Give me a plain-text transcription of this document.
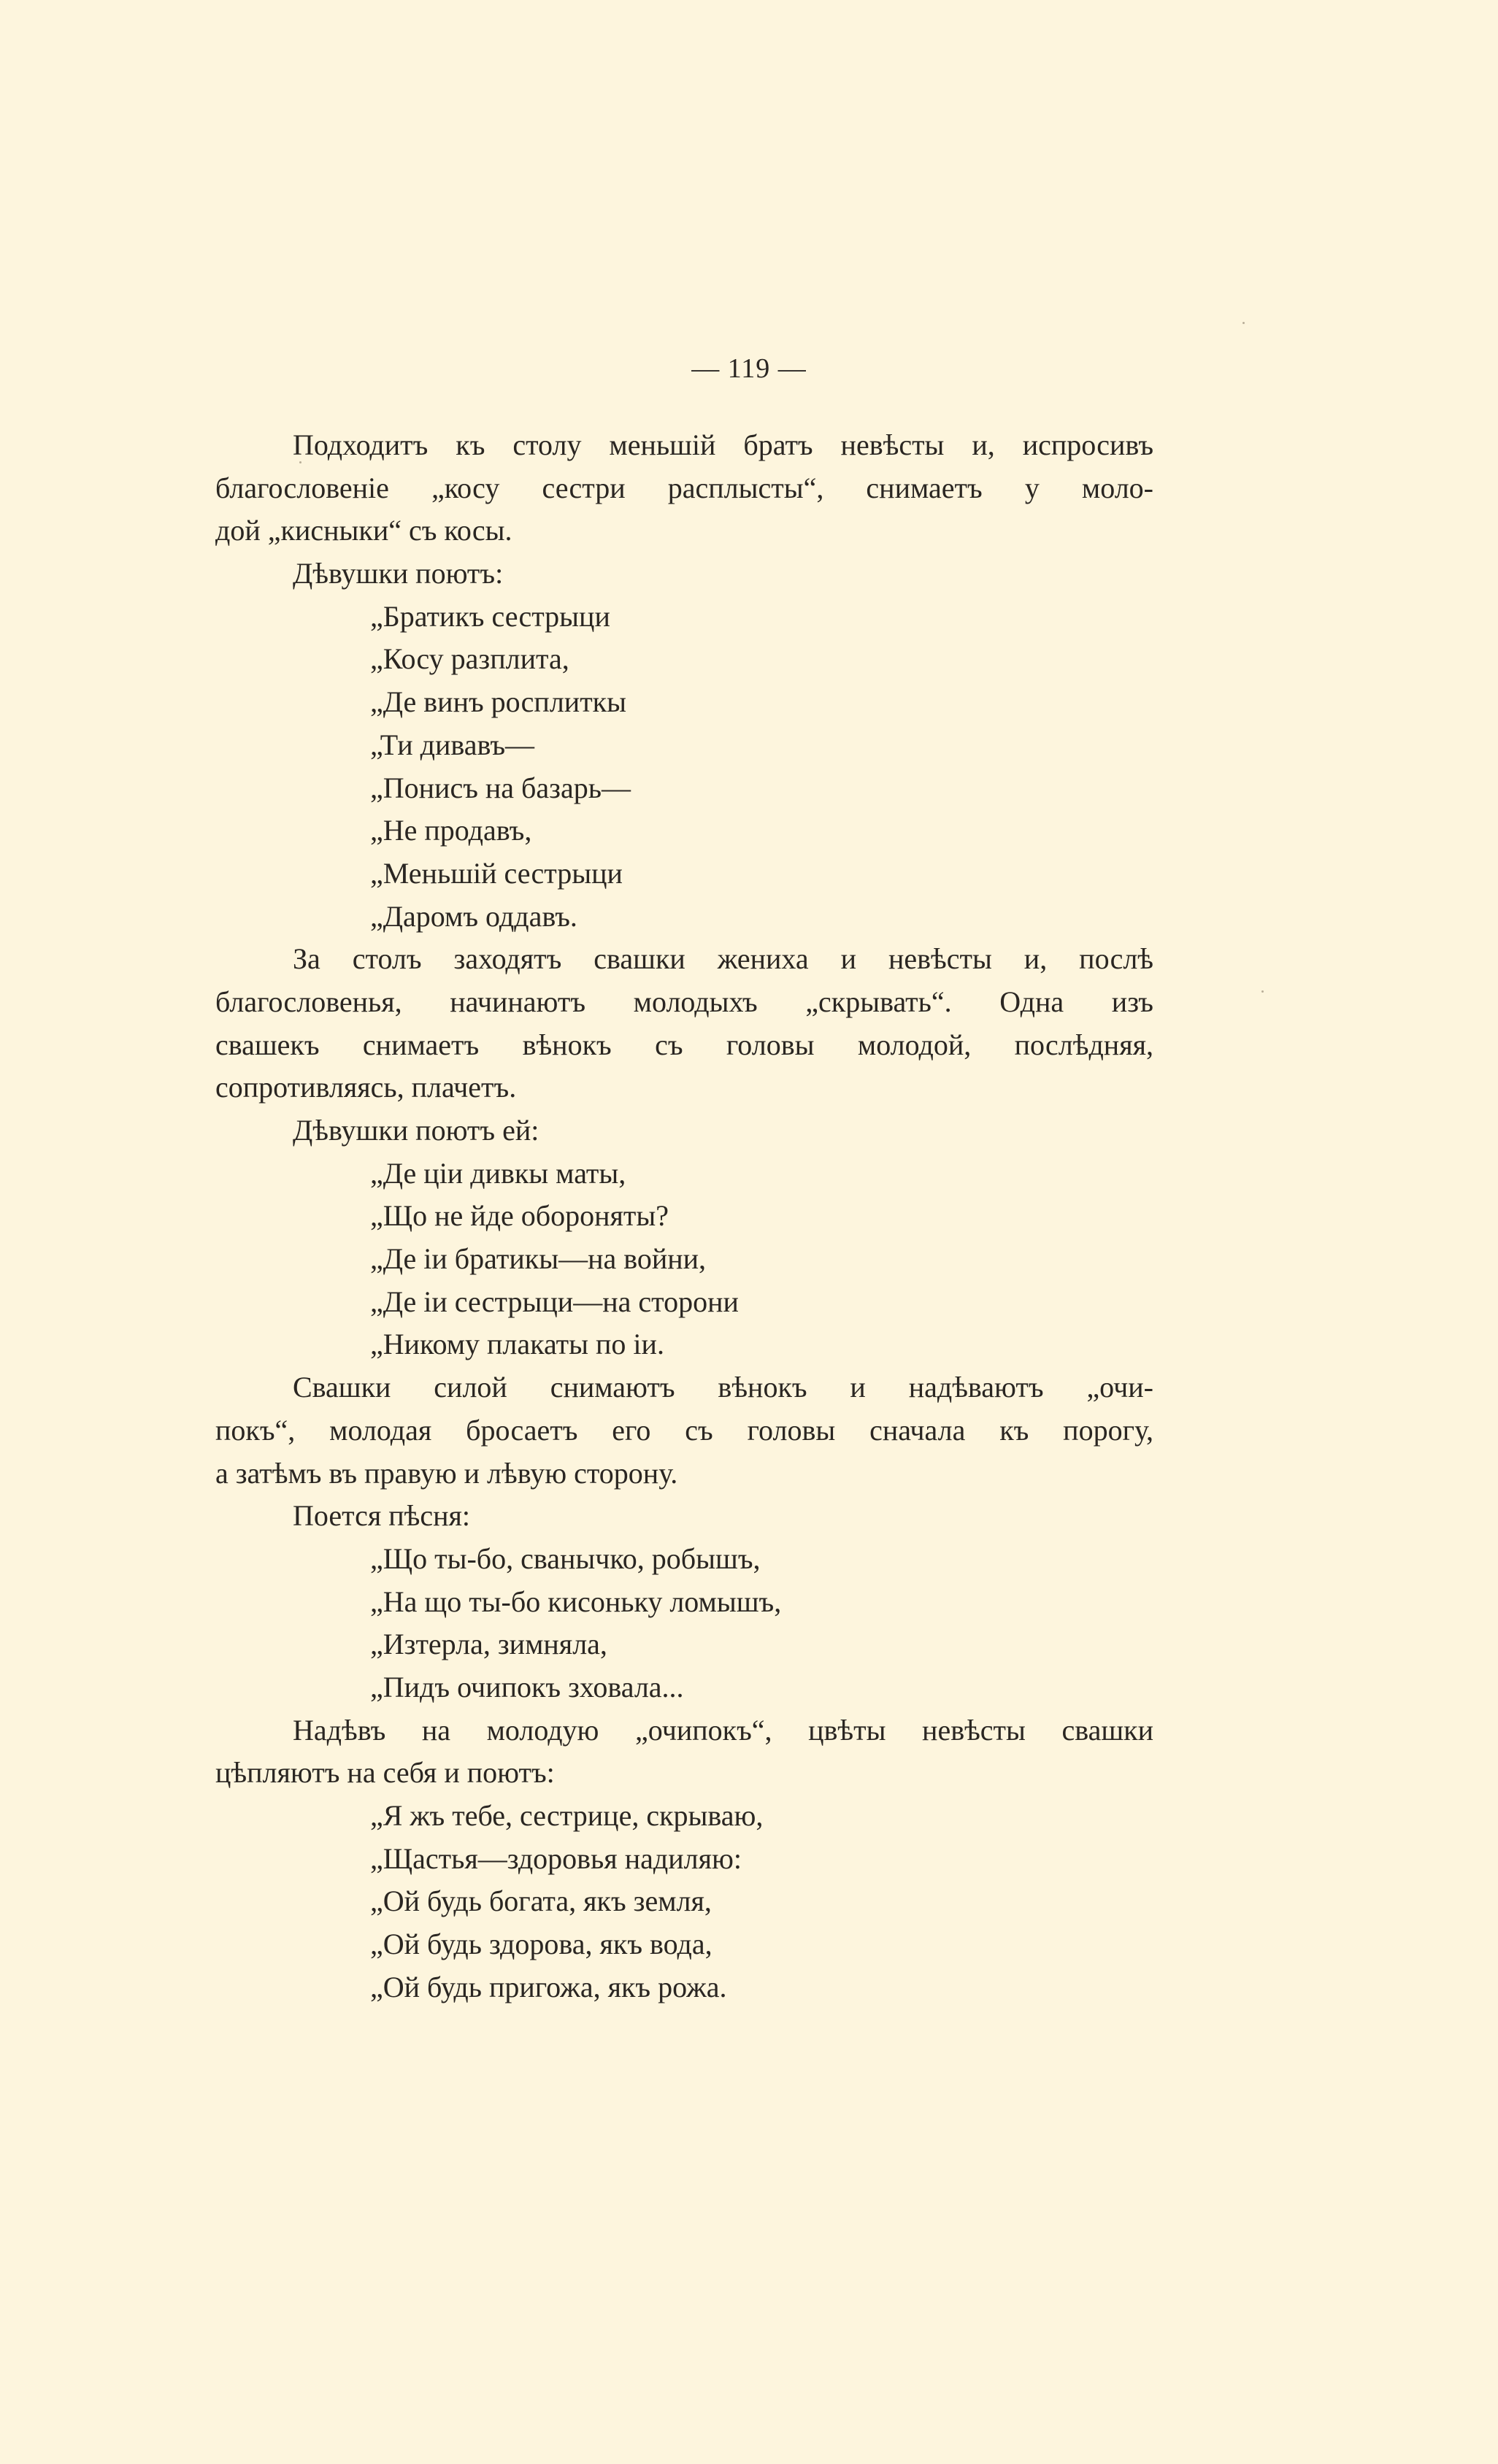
— 119 —
Подходитъ къ столу меньшій братъ невѣсты и, испросивъ
благословеніе „косу сестри расплысты“, снимаетъ у моло-
дой „кисныки“ съ косы.
Дѣвушки поютъ:
„Братикъ сестрыци
„Косу разплита,
„Де винъ росплиткы
„Ти дивавъ—
„Понисъ на базарь—
„Не продавъ,
„Меньшій сестрыци
„Даромъ оддавъ.
За столъ заходятъ свашки жениха и невѣсты и, послѣ
благословенья, начинаютъ молодыхъ „скрывать“. Одна изъ
свашекъ снимаетъ вѣнокъ съ головы молодой, послѣдняя,
сопротивляясь, плачетъ.
Дѣвушки поютъ ей:
„Де ціи дивкы маты,
„Що не йде обороняты?
„Де іи братикы—на войни,
„Де іи сестрыци—на сторони
„Никому плакаты по іи.
Свашки силой снимаютъ вѣнокъ и надѣваютъ „очи-
покъ“, молодая бросаетъ его съ головы сначала къ порогу,
а затѣмъ въ правую и лѣвую сторону.
Поется пѣсня:
„Що ты-бо, сванычко, робышъ,
„На що ты-бо кисоньку ломышъ,
„Изтерла, зимняла,
„Пидъ очипокъ зховала...
Надѣвъ на молодую „очипокъ“, цвѣты невѣсты свашки
цѣпляютъ на себя и поютъ:
„Я жъ тебе, сестрице, скрываю,
„Щастья—здоровья надиляю:
„Ой будь богата, якъ земля,
„Ой будь здорова, якъ вода,
„Ой будь пригожа, якъ рожа.
